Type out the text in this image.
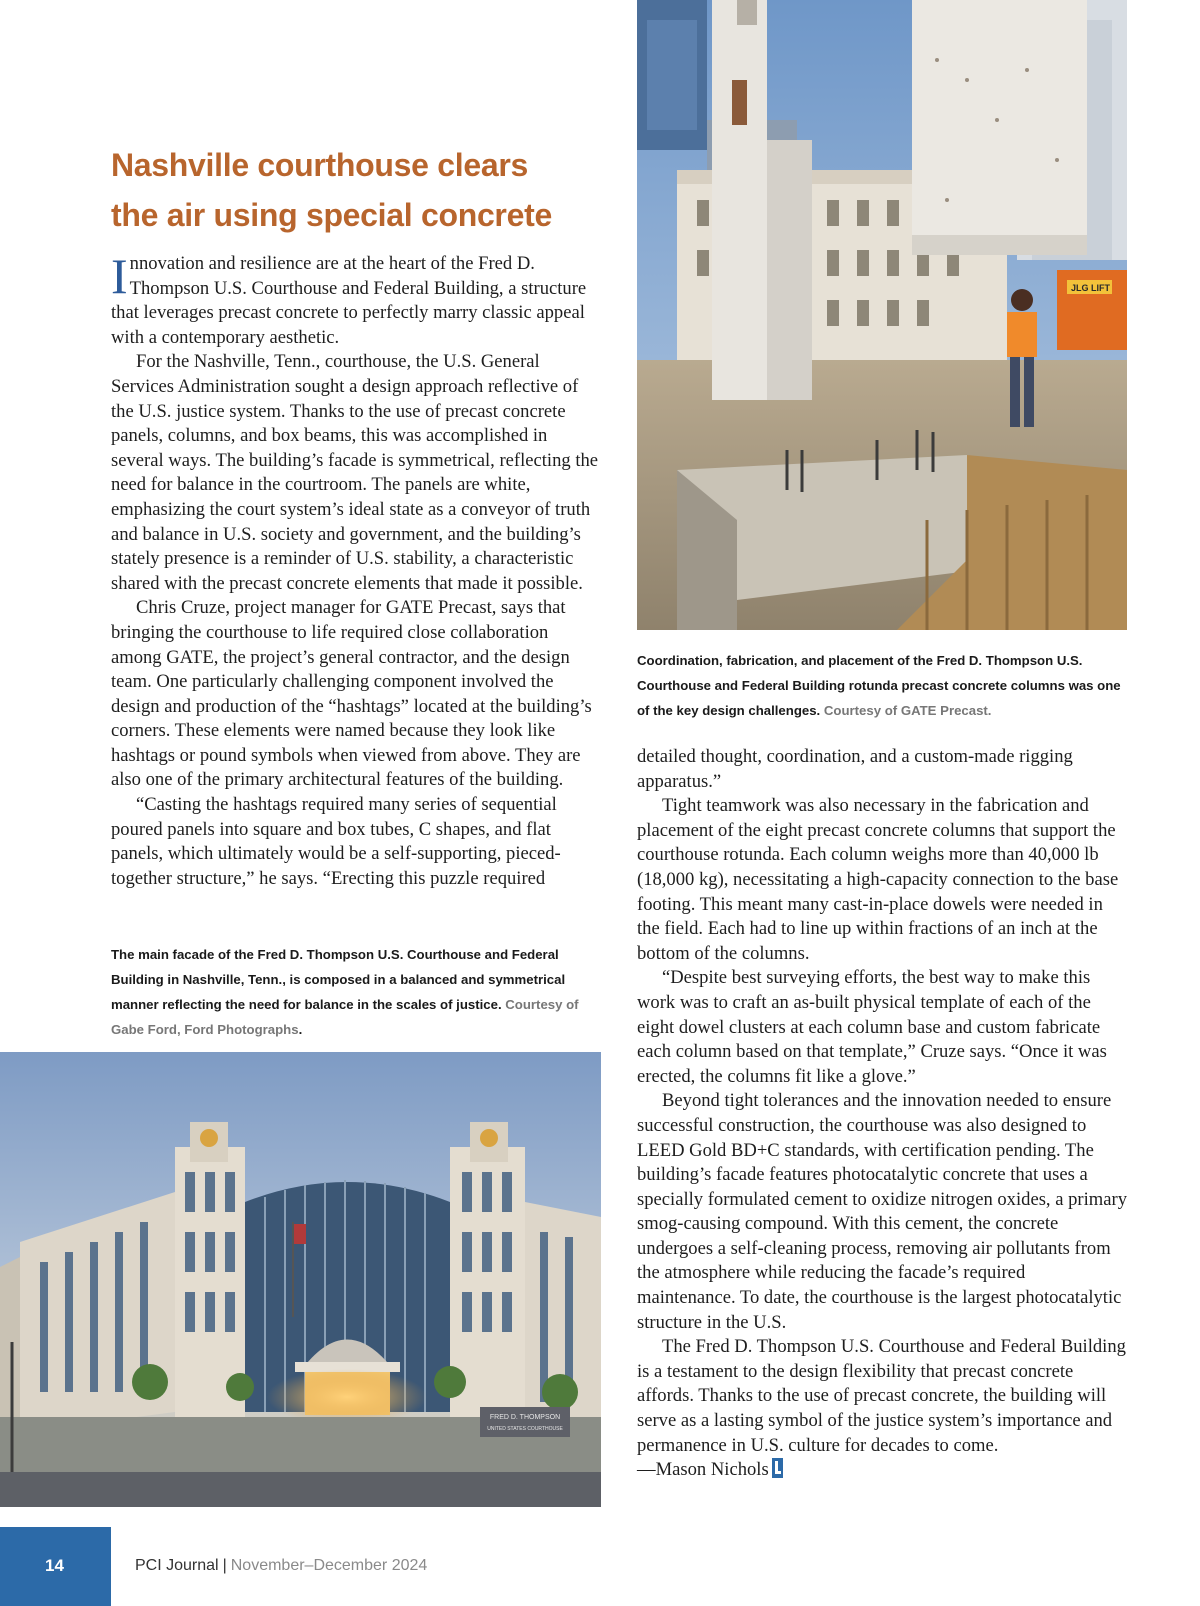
Nashville courthouse clears
the air using special concrete

Innovation and resilience are at the heart of the Fred D. Thompson U.S. Courthouse and Federal Building, a structure that leverages precast concrete to perfectly marry classic appeal with a contemporary aesthetic.

For the Nashville, Tenn., courthouse, the U.S. General Services Administration sought a design approach reflective of the U.S. justice system. Thanks to the use of precast concrete panels, columns, and box beams, this was accomplished in several ways. The building’s facade is symmetrical, reflecting the need for balance in the courtroom. The panels are white, emphasizing the court system’s ideal state as a conveyor of truth and balance in U.S. society and government, and the building’s stately presence is a reminder of U.S. stability, a characteristic shared with the precast concrete elements that made it possible.

Chris Cruze, project manager for GATE Precast, says that bringing the courthouse to life required close collaboration among GATE, the project’s general contractor, and the design team. One particularly challenging component involved the design and production of the “hashtags” located at the building’s corners. These elements were named because they look like hashtags or pound symbols when viewed from above. They are also one of the primary architectural features of the building.

“Casting the hashtags required many series of sequential poured panels into square and box tubes, C shapes, and flat panels, which ultimately would be a self-supporting, pieced-together structure,” he says. “Erecting this puzzle required

detailed thought, coordination, and a custom-made rigging apparatus.”

Tight teamwork was also necessary in the fabrication and placement of the eight precast concrete columns that support the courthouse rotunda. Each column weighs more than 40,000 lb (18,000 kg), necessitating a high-capacity connection to the base footing. This meant many cast-in-place dowels were needed in the field. Each had to line up within fractions of an inch at the bottom of the columns.

“Despite best surveying efforts, the best way to make this work was to craft an as-built physical template of each of the eight dowel clusters at each column base and custom fabricate each column based on that template,” Cruze says. “Once it was erected, the columns fit like a glove.”

Beyond tight tolerances and the innovation needed to ensure successful construction, the courthouse was also designed to LEED Gold BD+C standards, with certification pending. The building’s facade features photocatalytic concrete that uses a specially formulated cement to oxidize nitrogen oxides, a primary smog-causing compound. With this cement, the concrete undergoes a self-cleaning process, removing air pollutants from the atmosphere while reducing the facade’s required maintenance. To date, the courthouse is the largest photocatalytic structure in the U.S.

The Fred D. Thompson U.S. Courthouse and Federal Building is a testament to the design flexibility that precast concrete affords. Thanks to the use of precast concrete, the building will serve as a lasting symbol of the justice system’s importance and permanence in U.S. culture for decades to come.

—Mason Nichols

JLG LIFT
Coordination, fabrication, and placement of the Fred D. Thompson U.S. Courthouse and Federal Building rotunda precast concrete columns was one of the key design challenges. Courtesy of GATE Precast.
The main facade of the Fred D. Thompson U.S. Courthouse and Federal Building in Nashville, Tenn., is composed in a balanced and symmetrical manner reflecting the need for balance in the scales of justice. Courtesy of Gabe Ford, Ford Photographs.
FRED D. THOMPSON
UNITED STATES COURTHOUSE
14	PCI Journal | November–December 2024
